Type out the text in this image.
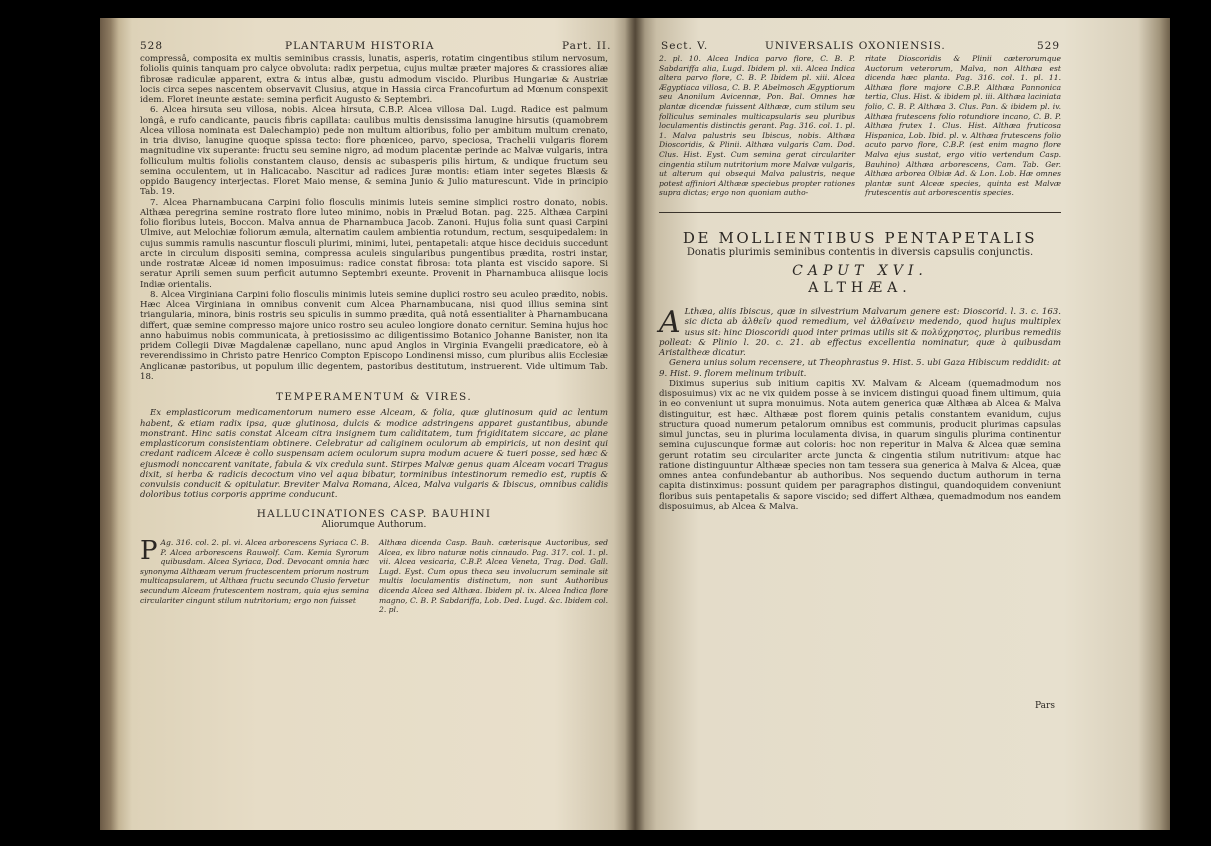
528	PLANTARUM HISTORIA	Part. II.

compressâ, composita ex multis seminibus crassis, lunatis, asperis, rotatim cingentibus stilum nervosum, foliolis quinis tanquam pro calyce obvoluta: radix perpetua, cujus multæ præter majores & crassiores aliæ fibrosæ radiculæ apparent, extra & intus albæ, gustu admodum viscido. Pluribus Hungariæ & Austriæ locis circa sepes nascentem observavit Clusius, atque in Hassia circa Francofurtum ad Mœnum conspexit idem. Floret ineunte æstate: semina perficit Augusto & Septembri.

6. Alcea hirsuta seu villosa, nobis. Alcea hirsuta, C.B.P. Alcea villosa Dal. Lugd. Radice est palmum longâ, e rufo candicante, paucis fibris capillata: caulibus multis densissima lanugine hirsutis (quamobrem Alcea villosa nominata est Dalechampio) pede non multum altioribus, folio per ambitum multum crenato, in tria diviso, lanugine quoque spissa tecto: flore phœniceo, parvo, speciosa, Trachelii vulgaris florem magnitudine vix superante: fructu seu semine nigro, ad modum placentæ perinde ac Malvæ vulgaris, intra folliculum multis foliolis constantem clauso, densis ac subasperis pilis hirtum, & undique fructum seu semina occulentem, ut in Halicacabo. Nascitur ad radices Juræ montis: etiam inter segetes Blæsis & oppido Baugency interjectas. Floret Maio mense, & semina Junio & Julio maturescunt. Vide in principio Tab. 19.

7. Alcea Pharnambucana Carpini folio flosculis minimis luteis semine simplici rostro donato, nobis. Althæa peregrina semine rostrato flore luteo minimo, nobis in Prælud Botan. pag. 225. Althæa Carpini folio floribus luteis, Boccon. Malva annua de Pharnambuca Jacob. Zanoni. Hujus folia sunt quasi Carpini Ulmive, aut Melochiæ foliorum æmula, alternatim caulem ambientia rotundum, rectum, sesquipedalem: in cujus summis ramulis nascuntur flosculi plurimi, minimi, lutei, pentapetali: atque hisce deciduis succedunt arcte in circulum dispositi semina, compressa aculeis singularibus pungentibus prædita, rostri instar, unde rostratæ Alceæ id nomen imposuimus: radice constat fibrosa: tota planta est viscido sapore. Si seratur Aprili semen suum perficit autumno Septembri exeunte. Provenit in Pharnambuca aliisque locis Indiæ orientalis.

8. Alcea Virginiana Carpini folio flosculis minimis luteis semine duplici rostro seu aculeo prædito, nobis. Hæc Alcea Virginiana in omnibus convenit cum Alcea Pharnambucana, nisi quod illius semina sint triangularia, minora, binis rostris seu spiculis in summo prædita, quâ notâ essentialiter à Pharnambucana differt, quæ semine compresso majore unico rostro seu aculeo longiore donato cernitur. Semina hujus hoc anno habuimus nobis communicata, à pretiosissimo ac diligentissimo Botanico Johanne Banister, non ita pridem Collegii Divæ Magdalenæ capellano, nunc apud Anglos in Virginia Evangelii prædicatore, eò à reverendissimo in Christo patre Henrico Compton Episcopo Londinensi misso, cum pluribus aliis Ecclesiæ Anglicanæ pastoribus, ut populum illic degentem, pastoribus destitutum, instruerent. Vide ultimum Tab. 18.

TEMPERAMENTUM & VIRES.

Ex emplasticorum medicamentorum numero esse Alceam, & folia, quæ glutinosum quid ac lentum habent, & etiam radix ipsa, quæ glutinosa, dulcis & modice adstringens apparet gustantibus, abunde monstrant. Hinc satis constat Alceam citra insignem tum caliditatem, tum frigiditatem siccare, ac plane emplasticorum consistentiam obtinere. Celebratur ad caliginem oculorum ab empiricis, ut non desint qui credant radicem Alceæ è collo suspensam aciem oculorum supra modum acuere & tueri posse, sed hæc & ejusmodi nonccarent vanitate, fabula & vix credula sunt. Stirpes Malvæ genus quam Alceam vocari Tragus dixit, si herba & radicis decoctum vino vel aqua bibatur, torminibus intestinorum remedio est, ruptis & convulsis conducit & opitulatur. Breviter Malva Romana, Alcea, Malva vulgaris & Ibiscus, omnibus calidis doloribus totius corporis apprime conducunt.

HALLUCINATIONES CASP. BAUHINI
Aliorumque Authorum.
P Ag. 316. col. 2. pl. vi. Alcea arborescens Syriaca C. B. P. Alcea arborescens Rauwolf. Cam. Kemia Syrorum quibusdam. Alcea Syriaca, Dod. Devocant omnia hæc synonyma Althæam verum fructescentem priorum nostrum multicapsularem, ut Althæa fructu secundo Clusio fervetur secundum Alceam frutescentem nostram, quia ejus semina circulariter cingunt stilum nutritorium; ergo non fuisset
Althæa dicenda Casp. Bauh. cæterisque Auctoribus, sed Alcea, ex libro naturæ notis cinnaudo. Pag. 317. col. 1. pl. vii. Alcea vesicaria, C.B.P. Alcea Veneta, Trag. Dod. Gall. Lugd. Eyst. Cum opus theca seu involucrum seminale sit multis loculamentis distinctum, non sunt Authoribus dicenda Alcea sed Althæa. Ibidem pl. ix. Alcea Indica flore magno, C. B. P. Sabdariffa, Lob. Ded. Lugd. &c. Ibidem col. 2. pl.
Sect. V.	UNIVERSALIS OXONIENSIS.	529
2. pl. 10. Alcea Indica parvo flore, C. B. P. Sabdariffa alia, Lugd. Ibidem pl. xii. Alcea Indica altera parvo flore, C. B. P. Ibidem pl. xiii. Alcea Ægyptiaca villosa, C. B. P. Abelmosch Ægyptiorum seu Anonilum Avicennæ, Pon. Bal. Omnes hæ plantæ dicendæ fuissent Althææ, cum stilum seu folliculus seminales multicapsularis seu pluribus loculamentis distinctis gerant. Pag. 316. col. 1. pl. 1. Malva palustris seu Ibiscus, nobis. Althæa Dioscoridis, & Plinii. Althæa vulgaris Cam. Dod. Clus. Hist. Eyst. Cum semina gerat circulariter cingentia stilum nutritorium more Malvæ vulgaris, ut alterum qui obsequi Malva palustris, neque potest affiniori Althææ speciebus propter rationes supra dictas; ergo non quoniam autho-
ritate Dioscoridis & Plinii cæterorumque Auctorum veterorum, Malva, non Althæa est dicenda hæc planta. Pag. 316. col. 1. pl. 11. Althæa flore majore C.B.P. Althæa Pannonica tertia, Clus. Hist. & ibidem pl. iii. Althæa laciniata folio, C. B. P. Althæa 3. Clus. Pan. & ibidem pl. iv. Althæa frutescens folio rotundiore incano, C. B. P. Althæa frutex 1. Clus. Hist. Althæa fruticosa Hispanica, Lob. Ibid. pl. v. Althæa frutescens folio acuto parvo flore, C.B.P. (est enim magno flore Malva ejus sustat, ergo vitio vertendum Casp. Bauhino) Althæa arborescens, Cam. Tab. Ger. Althæa arborea Olbiæ Ad. & Lon. Lob. Hæ omnes plantæ sunt Alceæ species, quinta est Malvæ frutescentis aut arborescentis species.
DE MOLLIENTIBUS PENTAPETALIS
Donatis plurimis seminibus contentis in diversis capsulis conjunctis.
CAPUT XVI.
ALTHÆA.

A Lthæa, aliis Ibiscus, quæ in silvestrium Malvarum genere est: Dioscorid. l. 3. c. 163. sic dicta ab ἀλθεῖν quod remedium, vel ἀλθαίνειν medendo, quod hujus multiplex usus sit: hinc Dioscoridi quod inter primas utilis sit & πολύχρηστος, pluribus remediis polleat: & Plinio l. 20. c. 21. ab effectus excellentia nominatur, quæ à quibusdam Aristaltheæ dicatur.

Genera unius solum recensere, ut Theophrastus 9. Hist. 5. ubi Gaza Hibiscum reddidit: at 9. Hist. 9. florem melinum tribuit.

Diximus superius sub initium capitis XV. Malvam & Alceam (quemadmodum nos disposuimus) vix ac ne vix quidem posse à se invicem distingui quoad finem ultimum, quia in eo conveniunt ut supra monuimus. Nota autem generica quæ Althæa ab Alcea & Malva distinguitur, est hæc. Althææ post florem quinis petalis constantem evanidum, cujus structura quoad numerum petalorum omnibus est communis, producit plurimas capsulas simul junctas, seu in plurima loculamenta divisa, in quarum singulis plurima continentur semina cujuscunque formæ aut coloris: hoc non reperitur in Malva & Alcea quæ semina gerunt rotatim seu circulariter arcte juncta & cingentia stilum nutritivum: atque hac ratione distinguuntur Althææ species non tam tessera sua generica à Malva & Alcea, quæ omnes antea confundebantur ab authoribus. Nos sequendo ductum authorum in terna capita distinximus: possunt quidem per paragraphos distingui, quandoquidem conveniunt floribus suis pentapetalis & sapore viscido; sed differt Althæa, quemadmodum nos eandem disposuimus, ab Alcea & Malva.

Pars
